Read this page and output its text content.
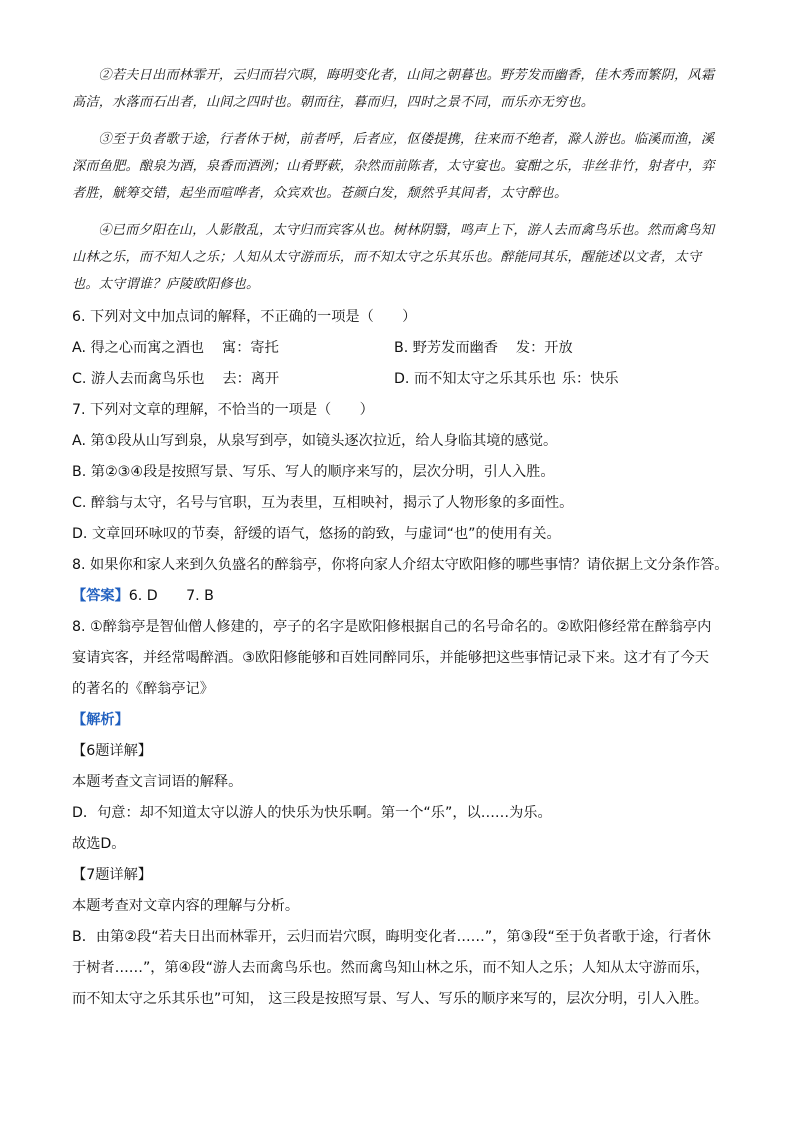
②若夫日出而林霏开，云归而岩穴暝，晦明变化者，山间之朝暮也。野芳发而幽香，佳木秀而繁阴，风霜高洁，水落而石出者，山间之四时也。朝而往，暮而归，四时之景不同，而乐亦无穷也。

③至于负者歌于途，行者休于树，前者呼，后者应，伛偻提携，往来而不绝者，滁人游也。临溪而渔，溪深而鱼肥。酿泉为酒，泉香而酒洌；山肴野蔌，杂然而前陈者，太守宴也。宴酣之乐，非丝非竹，射者中，弈者胜，觥筹交错，起坐而喧哗者，众宾欢也。苍颜白发，颓然乎其间者，太守醉也。

④已而夕阳在山，人影散乱，太守归而宾客从也。树林阴翳，鸣声上下，游人去而禽鸟乐也。然而禽鸟知山林之乐，而不知人之乐；人知从太守游而乐，而不知太守之乐其乐也。醉能同其乐，醒能述以文者，太守也。太守谓谁？庐陵欧阳修也。

6. 下列对文中加点词的解释，不正确的一项是（　　）

A. 得之心而寓之酒也 寓：寄托	B. 野芳发而幽香 发：开放
C. 游人去而禽鸟乐也 去：离开	D. 而不知太守之乐其乐也 乐：快乐

7. 下列对文章的理解，不恰当的一项是（　　）

A. 第①段从山写到泉，从泉写到亭，如镜头逐次拉近，给人身临其境的感觉。

B. 第②③④段是按照写景、写乐、写人的顺序来写的，层次分明，引人入胜。

C. 醉翁与太守，名号与官职，互为表里，互相映衬，揭示了人物形象的多面性。

D. 文章回环咏叹的节奏，舒缓的语气，悠扬的韵致，与虚词“也”的使用有关。

8. 如果你和家人来到久负盛名的醉翁亭，你将向家人介绍太守欧阳修的哪些事情？请依据上文分条作答。

【答案】6. D　　7. B

8. ①醉翁亭是智仙僧人修建的，亭子的名字是欧阳修根据自己的名号命名的。②欧阳修经常在醉翁亭内宴请宾客，并经常喝醉酒。③欧阳修能够和百姓同醉同乐，并能够把这些事情记录下来。这才有了今天的著名的《醉翁亭记》

【解析】

【6题详解】

本题考查文言词语的解释。

D．句意：却不知道太守以游人的快乐为快乐啊。第一个“乐”，以……为乐。

故选D。

【7题详解】

本题考查对文章内容的理解与分析。

B．由第②段“若夫日出而林霏开，云归而岩穴暝，晦明变化者……”，第③段“至于负者歌于途，行者休于树者……”，第④段“游人去而禽鸟乐也。然而禽鸟知山林之乐，而不知人之乐；人知从太守游而乐，而不知太守之乐其乐也”可知， 这三段是按照写景、写人、写乐的顺序来写的，层次分明，引人入胜。
